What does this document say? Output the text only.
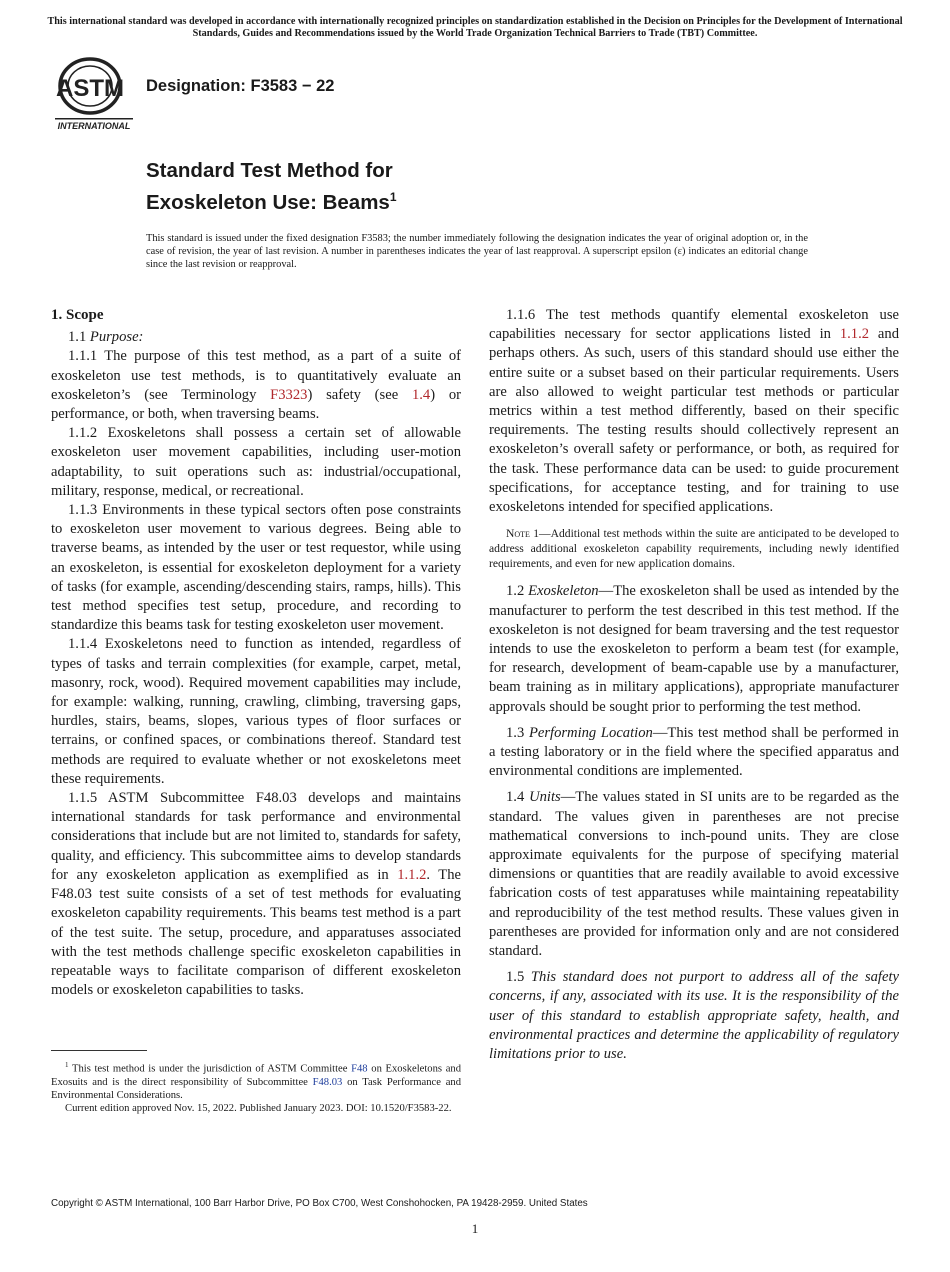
This international standard was developed in accordance with internationally recognized principles on standardization established in the Decision on Principles for the Development of International Standards, Guides and Recommendations issued by the World Trade Organization Technical Barriers to Trade (TBT) Committee.
ASTM
INTERNATIONAL
Designation: F3583 − 22
Standard Test Method for
Exoskeleton Use: Beams$^1$
This standard is issued under the fixed designation F3583; the number immediately following the designation indicates the year of original adoption or, in the case of revision, the year of last revision. A number in parentheses indicates the year of last reapproval. A superscript epsilon (ε) indicates an editorial change since the last revision or reapproval.
1. Scope

1.1 Purpose:

1.1.1 The purpose of this test method, as a part of a suite of exoskeleton use test methods, is to quantitatively evaluate an exoskeleton’s (see Terminology F3323) safety (see 1.4) or performance, or both, when traversing beams.

1.1.2 Exoskeletons shall possess a certain set of allowable exoskeleton user movement capabilities, including user-motion adaptability, to suit operations such as: industrial/occupational, military, response, medical, or recreational.

1.1.3 Environments in these typical sectors often pose constraints to exoskeleton user movement to various degrees. Being able to traverse beams, as intended by the user or test requestor, while using an exoskeleton, is essential for exoskeleton deployment for a variety of tasks (for example, ascending/descending stairs, ramps, hills). This test method specifies test setup, procedure, and recording to standardize this beams task for testing exoskeleton user movement.

1.1.4 Exoskeletons need to function as intended, regardless of types of tasks and terrain complexities (for example, carpet, metal, masonry, rock, wood). Required movement capabilities may include, for example: walking, running, crawling, climbing, traversing gaps, hurdles, stairs, beams, slopes, various types of floor surfaces or terrains, or confined spaces, or combinations thereof. Standard test methods are required to evaluate whether or not exoskeletons meet these requirements.

1.1.5 ASTM Subcommittee F48.03 develops and maintains international standards for task performance and environmental considerations that include but are not limited to, standards for safety, quality, and efficiency. This subcommittee aims to develop standards for any exoskeleton application as exemplified as in 1.1.2. The F48.03 test suite consists of a set of test methods for evaluating exoskeleton capability requirements. This beams test method is a part of the test suite. The setup, procedure, and apparatuses associated with the test methods challenge specific exoskeleton capabilities in repeatable ways to facilitate comparison of different exoskeleton models or exoskeleton capabilities to tasks.

1.1.6 The test methods quantify elemental exoskeleton use capabilities necessary for sector applications listed in 1.1.2 and perhaps others. As such, users of this standard should use either the entire suite or a subset based on their particular requirements. Users are also allowed to weight particular test methods or particular metrics within a test method differently, based on their specific requirements. The testing results should collectively represent an exoskeleton’s overall safety or performance, or both, as required for the task. These performance data can be used: to guide procurement specifications, for acceptance testing, and for training to use exoskeletons intended for specified applications.

Note 1—Additional test methods within the suite are anticipated to be developed to address additional exoskeleton capability requirements, including newly identified requirements, and even for new application domains.

1.2 Exoskeleton—The exoskeleton shall be used as intended by the manufacturer to perform the test described in this test method. If the exoskeleton is not designed for beam traversing and the test requestor intends to use the exoskeleton to perform a beam test (for example, for research, development of beam-capable use by a manufacturer, beam training as in military applications), appropriate manufacturer approvals should be sought prior to performing the test method.

1.3 Performing Location—This test method shall be performed in a testing laboratory or in the field where the specified apparatus and environmental conditions are implemented.

1.4 Units—The values stated in SI units are to be regarded as the standard. The values given in parentheses are not precise mathematical conversions to inch-pound units. They are close approximate equivalents for the purpose of specifying material dimensions or quantities that are readily available to avoid excessive fabrication costs of test apparatuses while maintaining repeatability and reproducibility of the test method results. These values given in parentheses are provided for information only and are not considered standard.

1.5 This standard does not purport to address all of the safety concerns, if any, associated with its use. It is the responsibility of the user of this standard to establish appropriate safety, health, and environmental practices and determine the applicability of regulatory limitations prior to use.

$^1$ This test method is under the jurisdiction of ASTM Committee F48 on Exoskeletons and Exosuits and is the direct responsibility of Subcommittee F48.03 on Task Performance and Environmental Considerations.

Current edition approved Nov. 15, 2022. Published January 2023. DOI: 10.1520/F3583-22.

Copyright © ASTM International, 100 Barr Harbor Drive, PO Box C700, West Conshohocken, PA 19428-2959. United States
1
